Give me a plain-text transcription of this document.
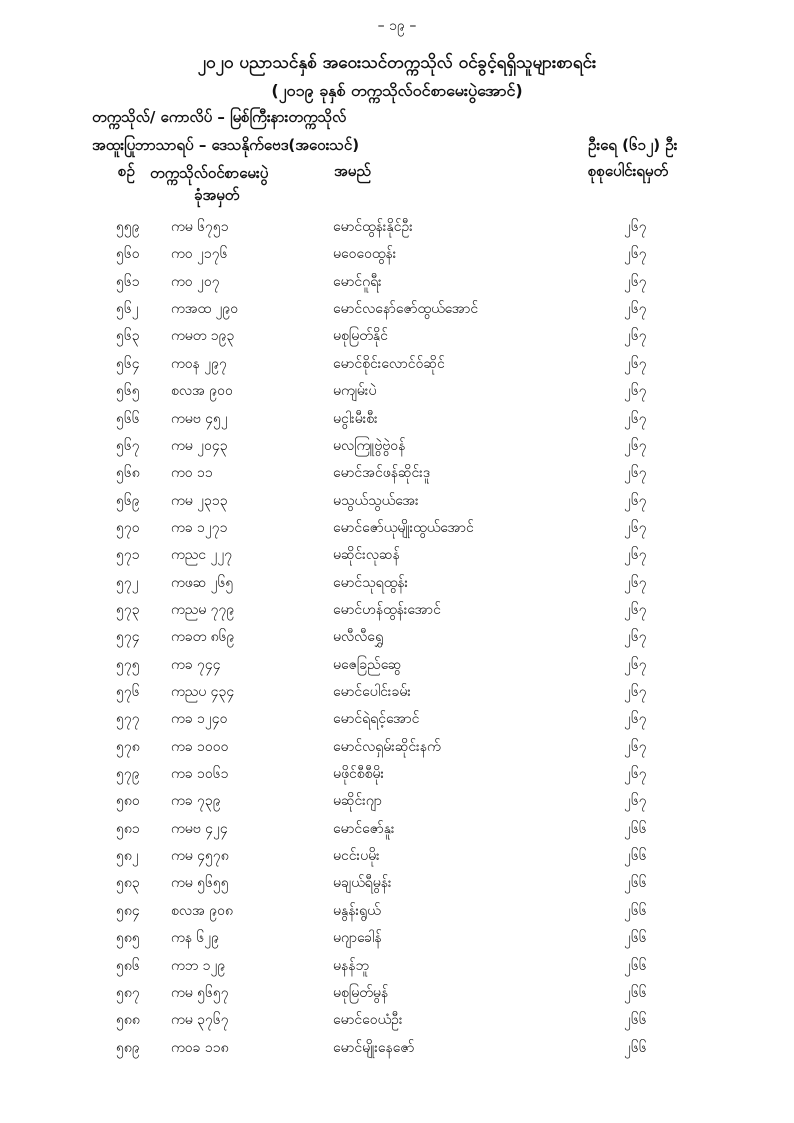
– ၁၉ –
၂၀၂၀ ပညာသင်နှစ် အဝေးသင်တက္ကသိုလ် ဝင်ခွင့်ရရှိသူများစာရင်း
(၂၀၁၉ ခုနှစ် တက္ကသိုလ်ဝင်စာမေးပွဲအောင်)
တက္ကသိုလ်/ ကောလိပ် – မြစ်ကြီးနားတက္ကသိုလ်
အထူးပြုဘာသာရပ် – ဒေသနိုက်ဗေဒ(အဝေးသင်)	ဦးရေ (၆၁၂) ဦး
စဉ် တက္ကသိုလ်ဝင်စာမေးပွဲ
ခုံအမှတ်
အမည်	စုစုပေါင်းရမှတ်
၅၅၉ ကမ ၆၇၅၁	မောင်ထွန်းနိုင်ဦး	၂၆၇
၅၆၀ ကဝ ၂၁၇၆	မဝေဝေထွန်း	၂၆၇
၅၆၁ ကဝ ၂၀၇	မောင်ဂူရီး	၂၆၇
၅၆၂ ကအထ ၂၉၀	မောင်လနော်ဇော်ထွယ်အောင်	၂၆၇
၅၆၃ ကမတ ၁၉၃	မစုမြတ်နိုင်	၂၆၇
၅၆၄ ကဝန ၂၉၇	မောင်စိုင်းလောင်ဝ်ဆိုင်	၂၆၇
၅၆၅ စလအ ၉၀၀	မကျမ်းပဲ	၂၆၇
၅၆၆ ကမဗ ၄၅၂	မငွါးမီးစီး	၂၆၇
၅၆၇ ကမ ၂၀၄၃	မလကြူဗွဲဗွဲဝန်	၂၆၇
၅၆၈ ကဝ ၁၁	မောင်အင်ဖန်ဆိုင်းဒူ	၂၆၇
၅၆၉ ကမ ၂၃၁၃	မသွယ်သွယ်အေး	၂၆၇
၅၇၀ ကခ ၁၂၇၁	မောင်ဇော်ယုမျိုးထွယ်အောင်	၂၆၇
၅၇၁ ကညင ၂၂၇	မဆိုင်းလုဆန်	၂၆၇
၅၇၂ ကဖဆ ၂၆၅	မောင်သုရထွန်း	၂၆၇
၅၇၃ ကညမ ၇၇၉	မောင်ဟန်ထွန်းအောင်	၂၆၇
၅၇၄ ကခတ ၈၆၉	မလီလီရွှေ	၂၆၇
၅၇၅ ကခ ၇၄၄	မဇေခြည်ဆွေ	၂၆၇
၅၇၆ ကညပ ၄၃၄	မောင်ပေါင်းခမ်း	၂၆၇
၅၇၇ ကခ ၁၂၄၀	မောင်ရဲရင့်အောင်	၂၆၇
၅၇၈ ကခ ၁၀၀၀	မောင်လရှမ်းဆိုင်းနက်	၂၆၇
၅၇၉ ကခ ၁၀၆၁	မဖိုင်စီစီမိုး	၂၆၇
၅၈၀ ကခ ၇၃၉	မဆိုင်းဂျာ	၂၆၇
၅၈၁ ကမဗ ၄၂၄	မောင်ဇော်နူး	၂၆၆
၅၈၂ ကမ ၄၅၇၈	မငင်းပမိုး	၂၆၆
၅၈၃ ကမ ၅၆၅၅	မချယ်ရီမွန်း	၂၆၆
၅၈၄ စလအ ၉၀၈	မနွန်းရွယ်	၂၆၆
၅၈၅ ကန ၆၂၉	မဂျာခေါန်	၂၆၆
၅၈၆ ကဘ ၁၂၉	မနန်ဘူ	၂၆၆
၅၈၇ ကမ ၅၆၅၇	မစုမြတ်မွန်	၂၆၆
၅၈၈ ကမ ၃၇၆၇	မောင်ဝေယံဦး	၂၆၆
၅၈၉ ကဝခ ၁၁၈	မောင်မျိုးနေဇော်	၂၆၆
